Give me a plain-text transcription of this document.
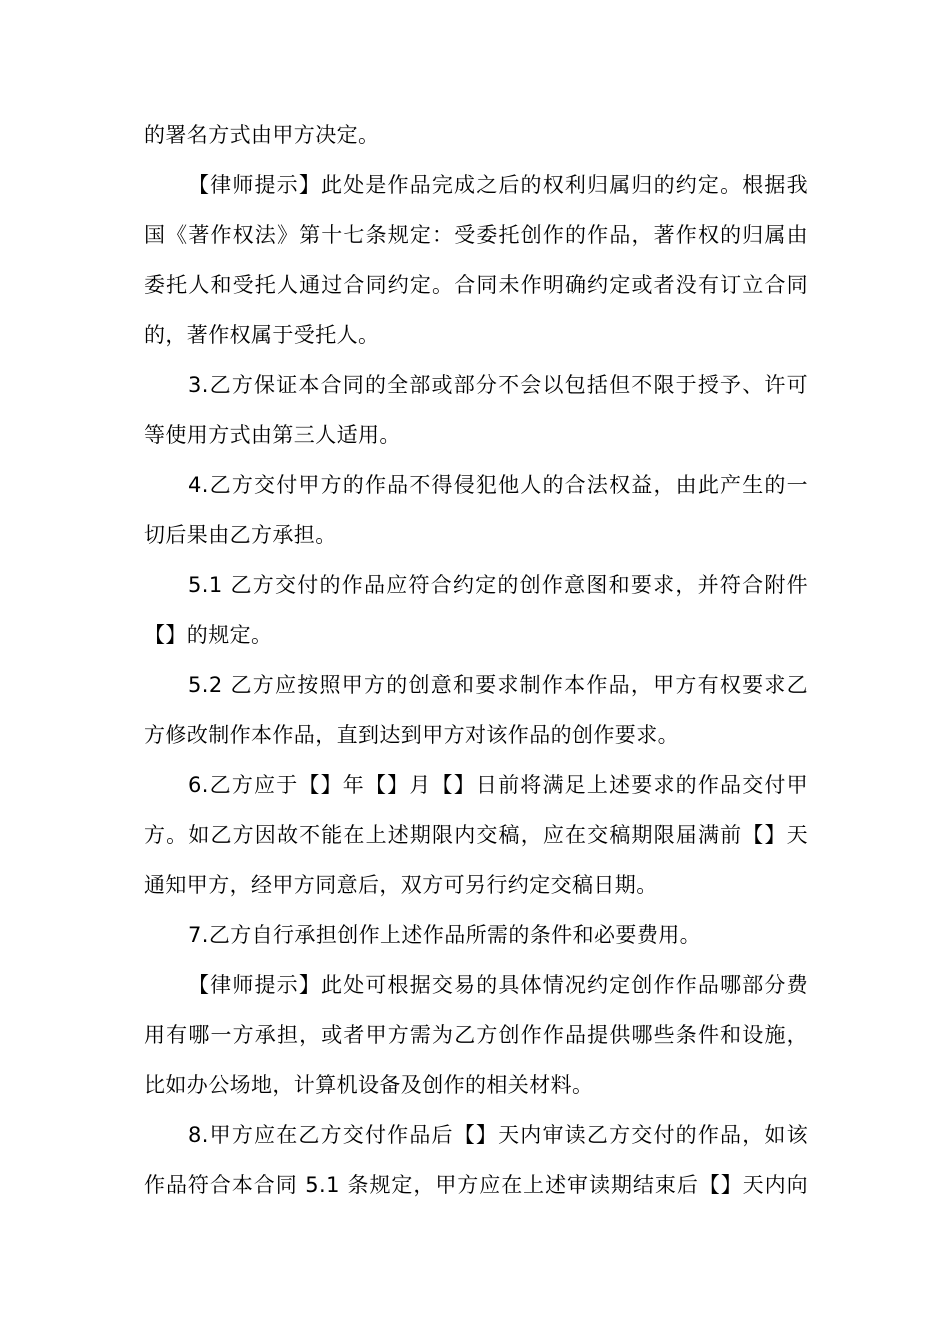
的署名方式由甲方决定。
【律师提示】此处是作品完成之后的权利归属归的约定。根据我
国《著作权法》第十七条规定：受委托创作的作品，著作权的归属由
委托人和受托人通过合同约定。合同未作明确约定或者没有订立合同
的，著作权属于受托人。
3.乙方保证本合同的全部或部分不会以包括但不限于授予、许可
等使用方式由第三人适用。
4.乙方交付甲方的作品不得侵犯他人的合法权益，由此产生的一
切后果由乙方承担。
5.1 乙方交付的作品应符合约定的创作意图和要求，并符合附件
【】的规定。
5.2 乙方应按照甲方的创意和要求制作本作品，甲方有权要求乙
方修改制作本作品，直到达到甲方对该作品的创作要求。
6.乙方应于【】年【】月【】日前将满足上述要求的作品交付甲
方。如乙方因故不能在上述期限内交稿，应在交稿期限届满前【】天
通知甲方，经甲方同意后，双方可另行约定交稿日期。
7.乙方自行承担创作上述作品所需的条件和必要费用。
【律师提示】此处可根据交易的具体情况约定创作作品哪部分费
用有哪一方承担，或者甲方需为乙方创作作品提供哪些条件和设施，
比如办公场地，计算机设备及创作的相关材料。
8.甲方应在乙方交付作品后【】天内审读乙方交付的作品，如该
作品符合本合同 5.1 条规定，甲方应在上述审读期结束后【】天内向
